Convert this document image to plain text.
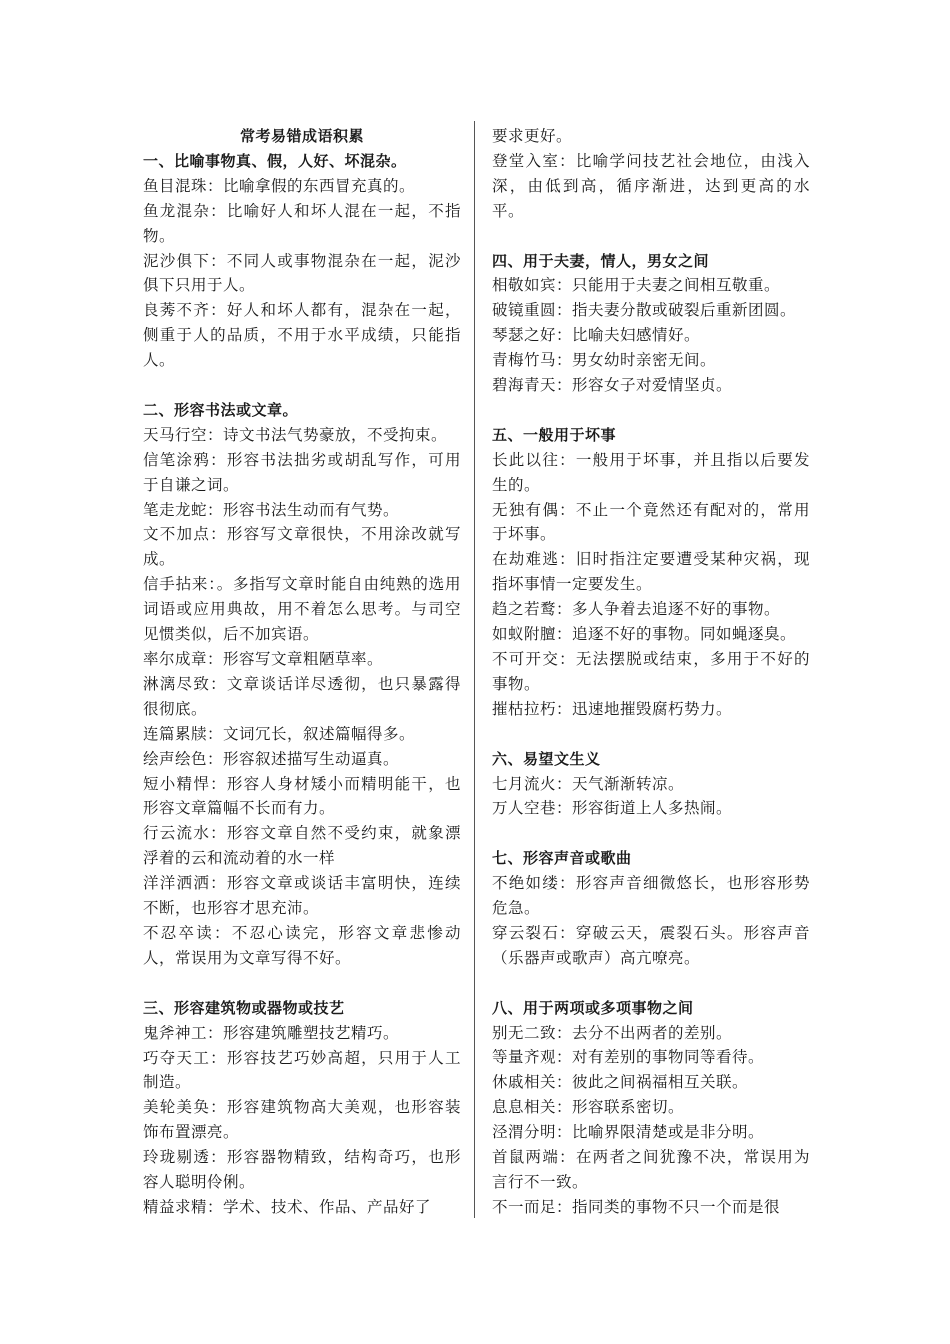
常考易错成语积累
一、比喻事物真、假，人好、坏混杂。

鱼目混珠：比喻拿假的东西冒充真的。

鱼龙混杂：比喻好人和坏人混在一起，不指物。

泥沙俱下：不同人或事物混杂在一起，泥沙俱下只用于人。

良莠不齐：好人和坏人都有，混杂在一起，侧重于人的品质，不用于水平成绩，只能指人。

二、形容书法或文章。

天马行空：诗文书法气势豪放，不受拘束。

信笔涂鸦：形容书法拙劣或胡乱写作，可用于自谦之词。

笔走龙蛇：形容书法生动而有气势。

文不加点：形容写文章很快，不用涂改就写成。

信手拈来：。多指写文章时能自由纯熟的选用词语或应用典故，用不着怎么思考。与司空见惯类似，后不加宾语。

率尔成章：形容写文章粗陋草率。

淋漓尽致：文章谈话详尽透彻，也只暴露得很彻底。

连篇累牍：文词冗长，叙述篇幅得多。

绘声绘色：形容叙述描写生动逼真。

短小精悍：形容人身材矮小而精明能干，也形容文章篇幅不长而有力。

行云流水：形容文章自然不受约束，就象漂浮着的云和流动着的水一样

洋洋洒洒：形容文章或谈话丰富明快，连续不断，也形容才思充沛。

不忍卒读：不忍心读完，形容文章悲惨动人，常误用为文章写得不好。

三、形容建筑物或器物或技艺

鬼斧神工：形容建筑雕塑技艺精巧。

巧夺天工：形容技艺巧妙高超，只用于人工制造。

美轮美奂：形容建筑物高大美观，也形容装饰布置漂亮。

玲珑剔透：形容器物精致，结构奇巧，也形容人聪明伶俐。

精益求精：学术、技术、作品、产品好了

要求更好。

登堂入室：比喻学问技艺社会地位，由浅入深，由低到高，循序渐进，达到更高的水平。

四、用于夫妻，情人，男女之间

相敬如宾：只能用于夫妻之间相互敬重。

破镜重圆：指夫妻分散或破裂后重新团圆。

琴瑟之好：比喻夫妇感情好。

青梅竹马：男女幼时亲密无间。

碧海青天：形容女子对爱情坚贞。

五、一般用于坏事

长此以往：一般用于坏事，并且指以后要发生的。

无独有偶：不止一个竟然还有配对的，常用于坏事。

在劫难逃：旧时指注定要遭受某种灾祸，现指坏事情一定要发生。

趋之若鹜：多人争着去追逐不好的事物。

如蚁附膻：追逐不好的事物。同如蝇逐臭。

不可开交：无法摆脱或结束，多用于不好的事物。

摧枯拉朽：迅速地摧毁腐朽势力。

六、易望文生义

七月流火：天气渐渐转凉。

万人空巷：形容街道上人多热闹。

七、形容声音或歌曲

不绝如缕：形容声音细微悠长，也形容形势危急。

穿云裂石：穿破云天，震裂石头。形容声音（乐器声或歌声）高亢嘹亮。

八、用于两项或多项事物之间

别无二致：去分不出两者的差别。

等量齐观：对有差别的事物同等看待。

休戚相关：彼此之间祸福相互关联。

息息相关：形容联系密切。

泾渭分明：比喻界限清楚或是非分明。

首鼠两端：在两者之间犹豫不决，常误用为言行不一致。

不一而足：指同类的事物不只一个而是很
